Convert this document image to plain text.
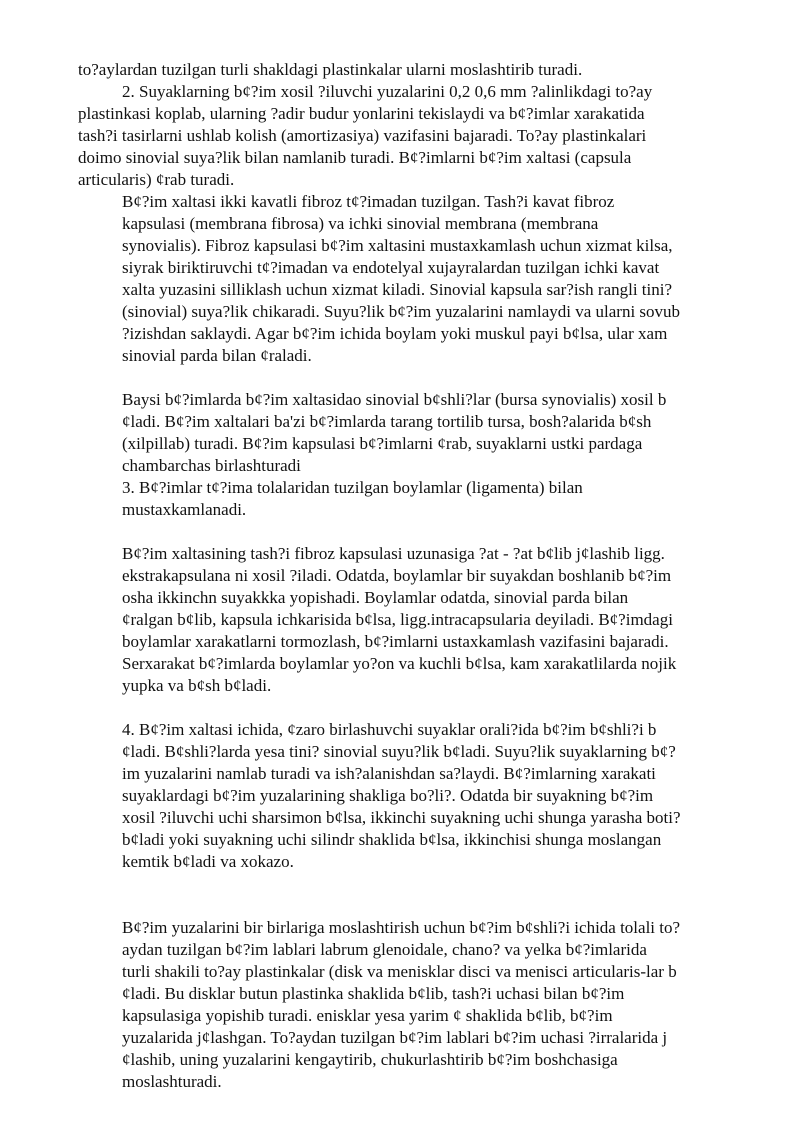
to?aylardan tuzilgan turli shakldagi plastinkalar ularni moslashtirib turadi.
2. Suyaklarning b¢?im xosil ?iluvchi yuzalarini 0,2 0,6 mm ?alinlikdagi to?ay
plastinkasi koplab, ularning ?adir budur yonlarini tekislaydi va b¢?imlar xarakatida
tash?i tasirlarni ushlab kolish (amortizasiya) vazifasini bajaradi. To?ay plastinkalari
doimo sinovial suya?lik bilan namlanib turadi. B¢?imlarni b¢?im xaltasi (capsula
articularis) ¢rab turadi.
B¢?im xaltasi ikki kavatli fibroz t¢?imadan tuzilgan. Tash?i kavat fibroz
kapsulasi (membrana fibrosa) va ichki sinovial membrana (membrana
synovialis). Fibroz kapsulasi b¢?im xaltasini mustaxkamlash uchun xizmat kilsa,
siyrak biriktiruvchi t¢?imadan va endotelyal xujayralardan tuzilgan ichki kavat
xalta yuzasini silliklash uchun xizmat kiladi. Sinovial kapsula sar?ish rangli tini?
(sinovial) suya?lik chikaradi. Suyu?lik b¢?im yuzalarini namlaydi va ularni sovub
?izishdan saklaydi. Agar b¢?im ichida boylam yoki muskul payi b¢lsa, ular xam
sinovial parda bilan ¢raladi.
Baysi b¢?imlarda b¢?im xaltasidao sinovial b¢shli?lar (bursa synovialis) xosil b
¢ladi. B¢?im xaltalari ba'zi b¢?imlarda tarang tortilib tursa, bosh?alarida b¢sh
(xilpillab) turadi. B¢?im kapsulasi b¢?imlarni ¢rab, suyaklarni ustki pardaga
chambarchas birlashturadi
3. B¢?imlar t¢?ima tolalaridan tuzilgan boylamlar (ligamenta) bilan
mustaxkamlanadi.
B¢?im xaltasining tash?i fibroz kapsulasi uzunasiga ?at - ?at b¢lib j¢lashib ligg.
ekstrakapsulana ni xosil ?iladi. Odatda, boylamlar bir suyakdan boshlanib b¢?im
osha ikkinchn suyakkka yopishadi. Boylamlar odatda, sinovial parda bilan
¢ralgan b¢lib, kapsula ichkarisida b¢lsa, ligg.intracapsularia deyiladi. B¢?imdagi
boylamlar xarakatlarni tormozlash, b¢?imlarni ustaxkamlash vazifasini bajaradi.
Serxarakat b¢?imlarda boylamlar yo?on va kuchli b¢lsa, kam xarakatlilarda nojik
yupka va b¢sh b¢ladi.
4. B¢?im xaltasi ichida, ¢zaro birlashuvchi suyaklar orali?ida b¢?im b¢shli?i b
¢ladi. B¢shli?larda yesa tini? sinovial suyu?lik b¢ladi. Suyu?lik suyaklarning b¢?
im yuzalarini namlab turadi va ish?alanishdan sa?laydi. B¢?imlarning xarakati
suyaklardagi b¢?im yuzalarining shakliga bo?li?. Odatda bir suyakning b¢?im
xosil ?iluvchi uchi sharsimon b¢lsa, ikkinchi suyakning uchi shunga yarasha boti?
b¢ladi yoki suyakning uchi silindr shaklida b¢lsa, ikkinchisi shunga moslangan
kemtik b¢ladi va xokazo.
B¢?im yuzalarini bir birlariga moslashtirish uchun b¢?im b¢shli?i ichida tolali to?
aydan tuzilgan b¢?im lablari labrum glenoidale, chano? va yelka b¢?imlarida
turli shakili to?ay plastinkalar (disk va menisklar disci va menisci articularis-lar b
¢ladi. Bu disklar butun plastinka shaklida b¢lib, tash?i uchasi bilan b¢?im
kapsulasiga yopishib turadi. enisklar yesa yarim ¢ shaklida b¢lib, b¢?im
yuzalarida j¢lashgan. To?aydan tuzilgan b¢?im lablari b¢?im uchasi ?irralarida j
¢lashib, uning yuzalarini kengaytirib, chukurlashtirib b¢?im boshchasiga
moslashturadi.
